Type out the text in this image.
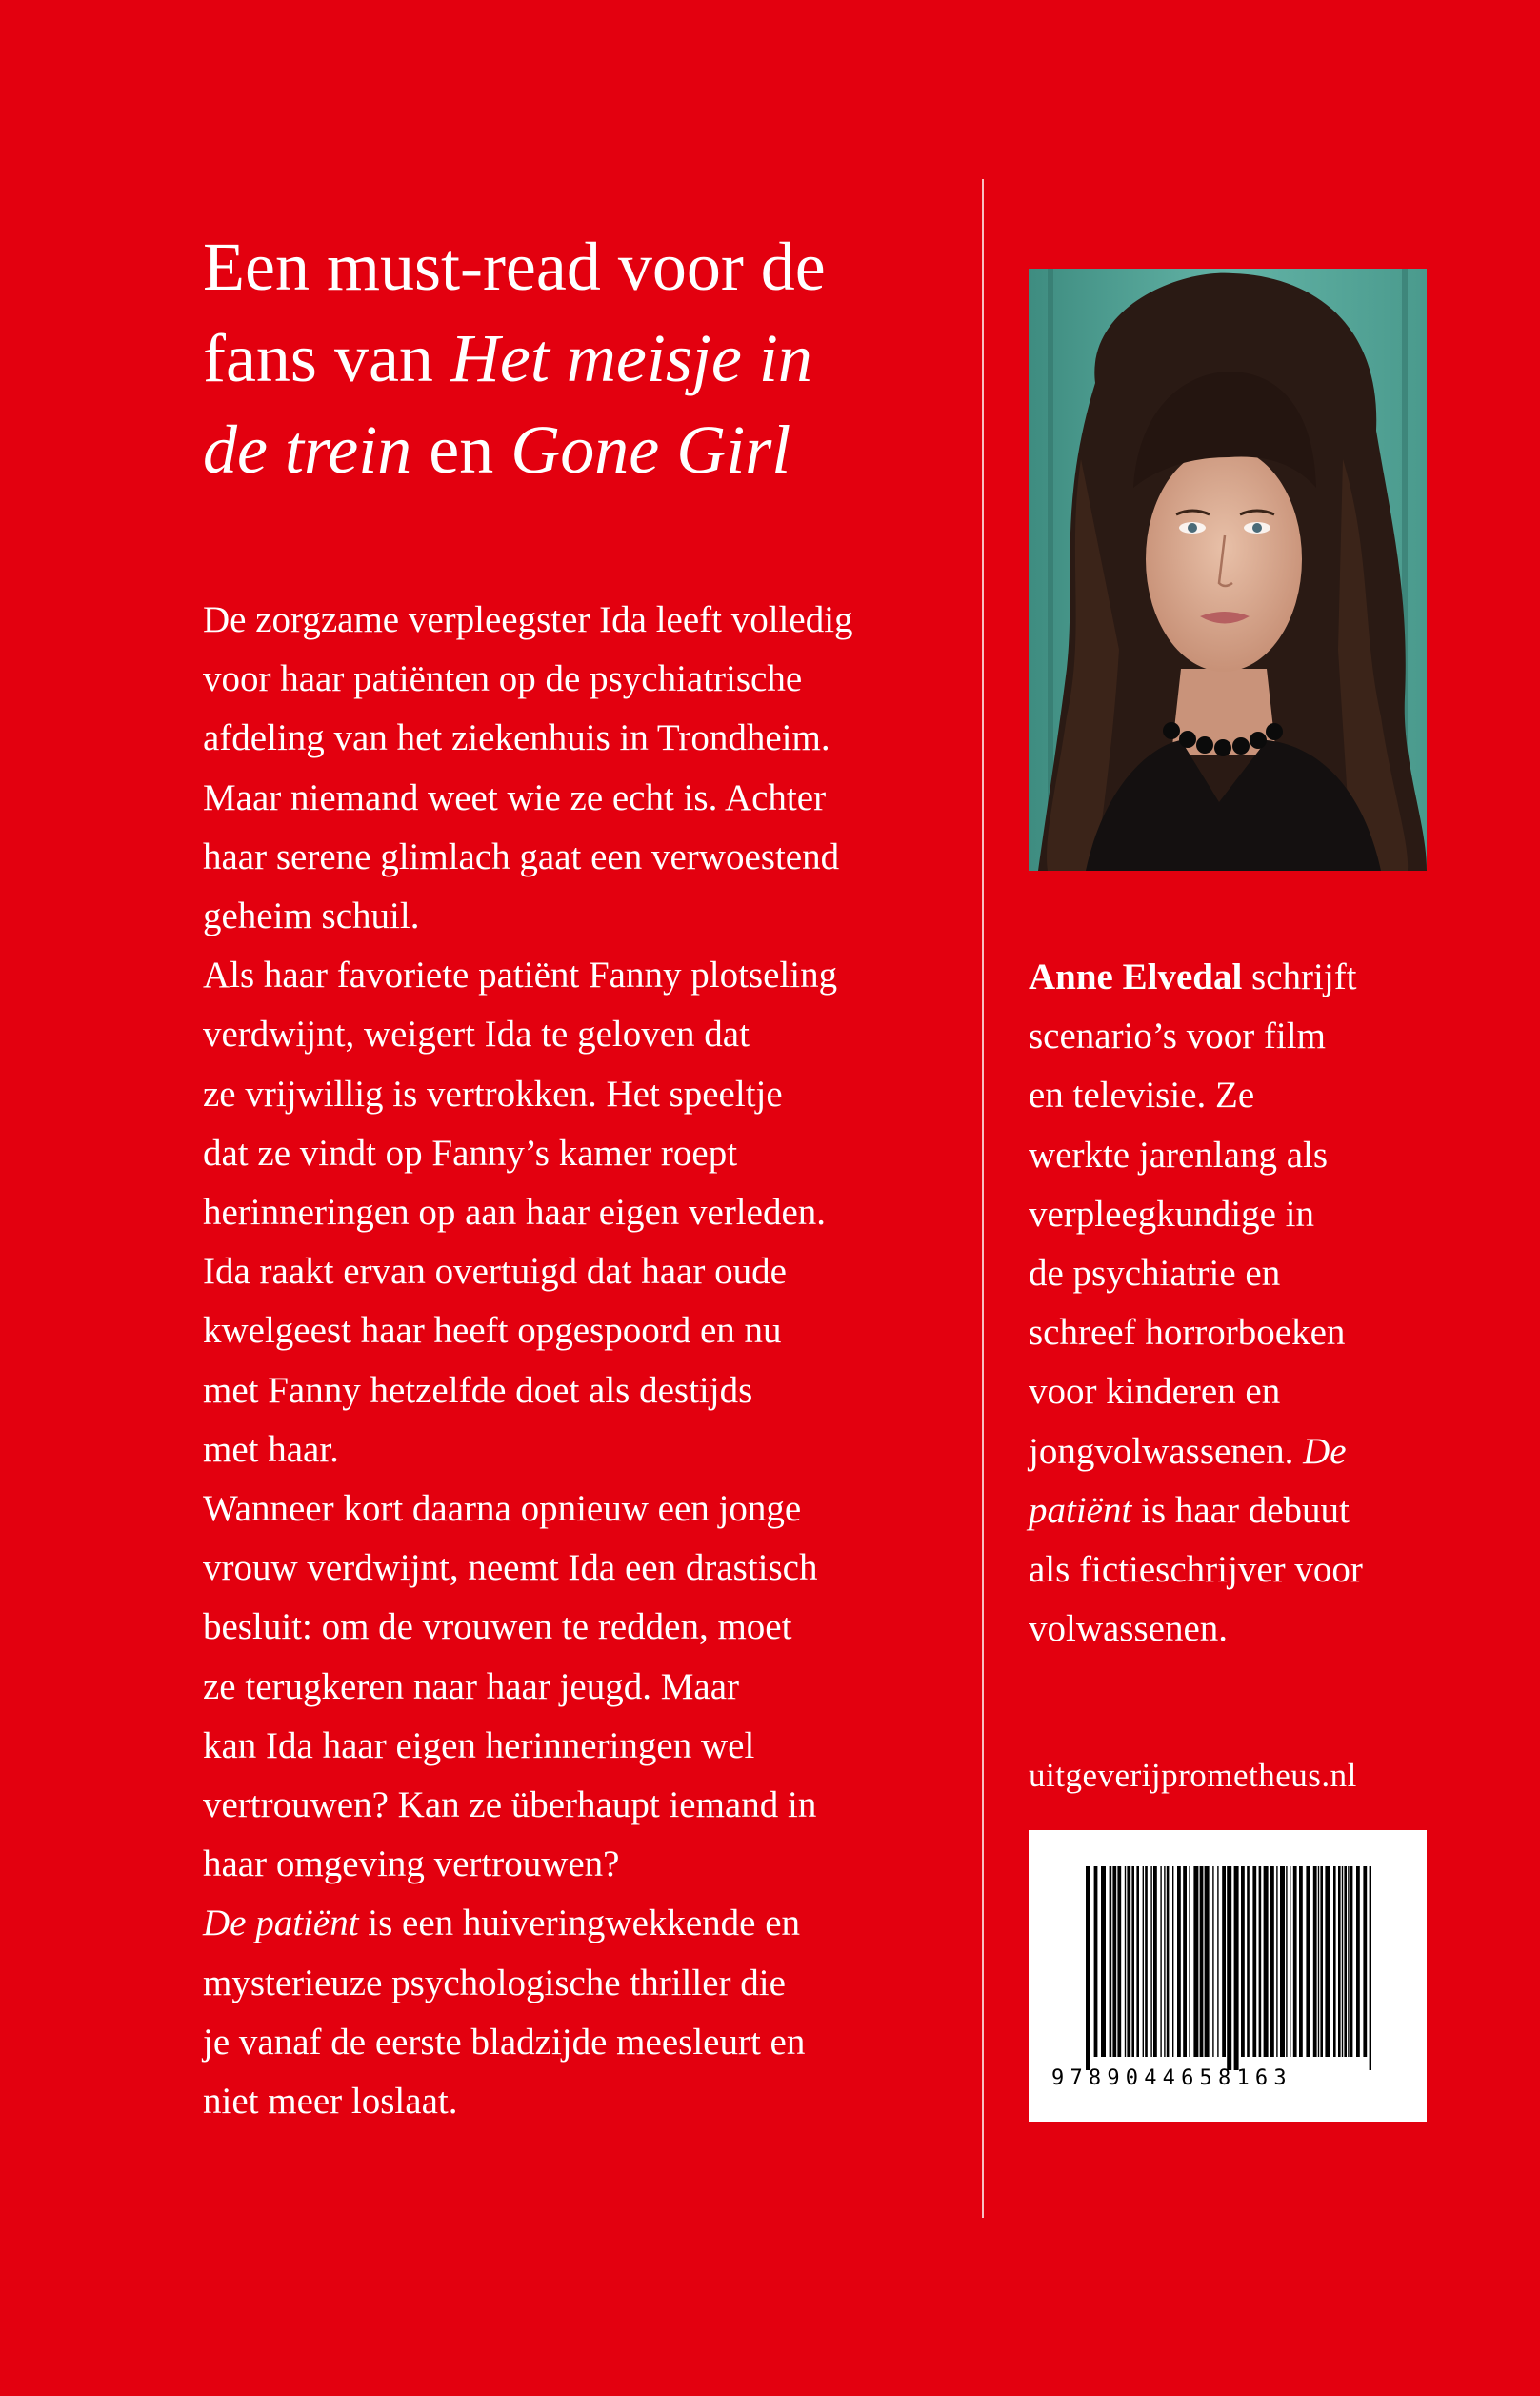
Een must-read voor de
fans van Het meisje in
de trein en Gone Girl
De zorgzame verpleegster Ida leeft volledig
voor haar patiënten op de psychiatrische
afdeling van het ziekenhuis in Trondheim.
Maar niemand weet wie ze echt is. Achter
haar serene glimlach gaat een verwoestend
geheim schuil.
Als haar favoriete patiënt Fanny plotseling
verdwijnt, weigert Ida te geloven dat
ze vrijwillig is vertrokken. Het speeltje
dat ze vindt op Fanny’s kamer roept
herinneringen op aan haar eigen verleden.
Ida raakt ervan overtuigd dat haar oude
kwelgeest haar heeft opgespoord en nu
met Fanny hetzelfde doet als destijds
met haar.
Wanneer kort daarna opnieuw een jonge
vrouw verdwijnt, neemt Ida een drastisch
besluit: om de vrouwen te redden, moet
ze terugkeren naar haar jeugd. Maar
kan Ida haar eigen herinneringen wel
vertrouwen? Kan ze überhaupt iemand in
haar omgeving vertrouwen?
De patiënt is een huiveringwekkende en
mysterieuze psychologische thriller die
je vanaf de eerste bladzijde meesleurt en
niet meer loslaat.
Anne Elvedal schrijft
scenario’s voor film
en televisie. Ze
werkte jarenlang als
verpleegkundige in
de psychiatrie en
schreef horrorboeken
voor kinderen en
jongvolwassenen. De
patiënt is haar debuut
als fictieschrijver voor
volwassenen.
uitgeverijprometheus.nl
9789044658163
